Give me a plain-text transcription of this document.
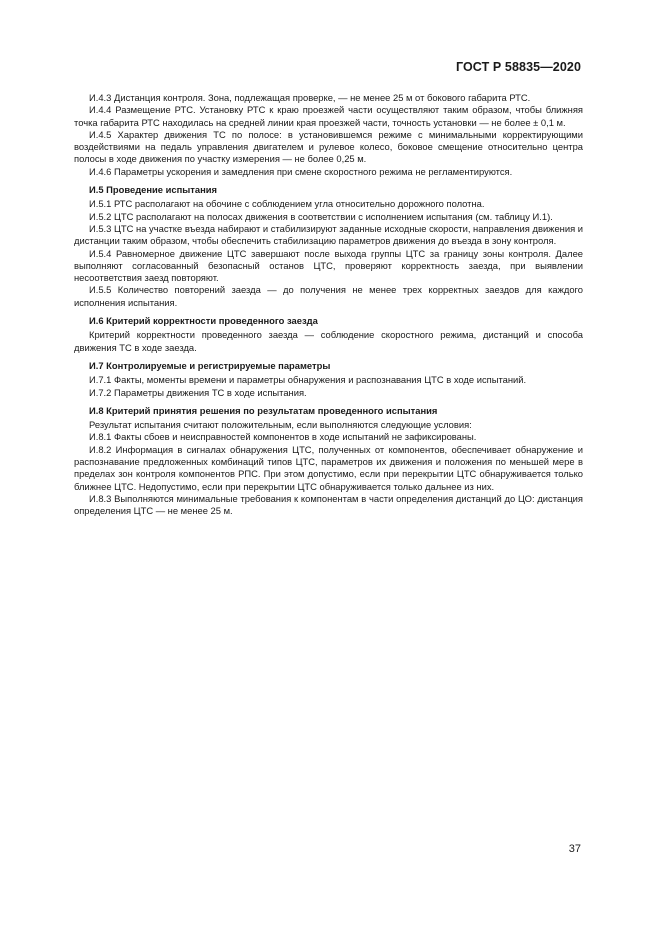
ГОСТ Р 58835—2020

И.4.3 Дистанция контроля. Зона, подлежащая проверке, — не менее 25 м от бокового габарита РТС.

И.4.4 Размещение РТС. Установку РТС к краю проезжей части осуществляют таким образом, чтобы ближняя точка габарита РТС находилась на средней линии края проезжей части, точность установки — не более ± 0,1 м.

И.4.5 Характер движения ТС по полосе: в установившемся режиме с минимальными корректирующими воздействиями на педаль управления двигателем и рулевое колесо, боковое смещение относительно центра полосы в ходе движения по участку измерения — не более 0,25 м.

И.4.6 Параметры ускорения и замедления при смене скоростного режима не регламентируются.

И.5 Проведение испытания

И.5.1 РТС располагают на обочине с соблюдением угла относительно дорожного полотна.

И.5.2 ЦТС располагают на полосах движения в соответствии с исполнением испытания (см. таблицу И.1).

И.5.3 ЦТС на участке въезда набирают и стабилизируют заданные исходные скорости, направления движения и дистанции таким образом, чтобы обеспечить стабилизацию параметров движения до въезда в зону контроля.

И.5.4 Равномерное движение ЦТС завершают после выхода группы ЦТС за границу зоны контроля. Далее выполняют согласованный безопасный останов ЦТС, проверяют корректность заезда, при выявлении несоответствия заезд повторяют.

И.5.5 Количество повторений заезда — до получения не менее трех корректных заездов для каждого исполнения испытания.

И.6 Критерий корректности проведенного заезда

Критерий корректности проведенного заезда — соблюдение скоростного режима, дистанций и способа движения ТС в ходе заезда.

И.7 Контролируемые и регистрируемые параметры

И.7.1 Факты, моменты времени и параметры обнаружения и распознавания ЦТС в ходе испытаний.

И.7.2 Параметры движения ТС в ходе испытания.

И.8 Критерий принятия решения по результатам проведенного испытания

Результат испытания считают положительным, если выполняются следующие условия:

И.8.1 Факты сбоев и неисправностей компонентов в ходе испытаний не зафиксированы.

И.8.2 Информация в сигналах обнаружения ЦТС, полученных от компонентов, обеспечивает обнаружение и распознавание предложенных комбинаций типов ЦТС, параметров их движения и положения по меньшей мере в пределах зон контроля компонентов РПС. При этом допустимо, если при перекрытии ЦТС обнаруживается только ближнее ЦТС. Недопустимо, если при перекрытии ЦТС обнаруживается только дальнее из них.

И.8.3 Выполняются минимальные требования к компонентам в части определения дистанций до ЦО: дистанция определения ЦТС — не менее 25 м.

37
